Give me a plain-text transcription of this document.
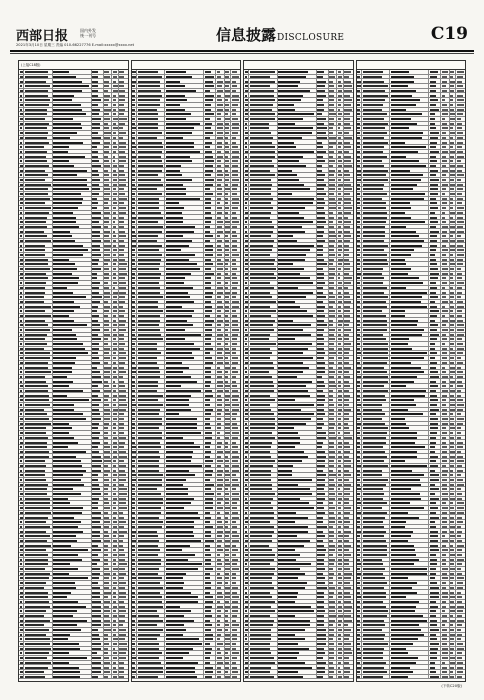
西部日报	国内外发
统一刊号
2021年3月10日 星期三 责编 010-66227776 E-mail:xxxxx@xxxx.net
信息披露DISCLOSURE	C19
(上接C18版)
(下转C20版)
